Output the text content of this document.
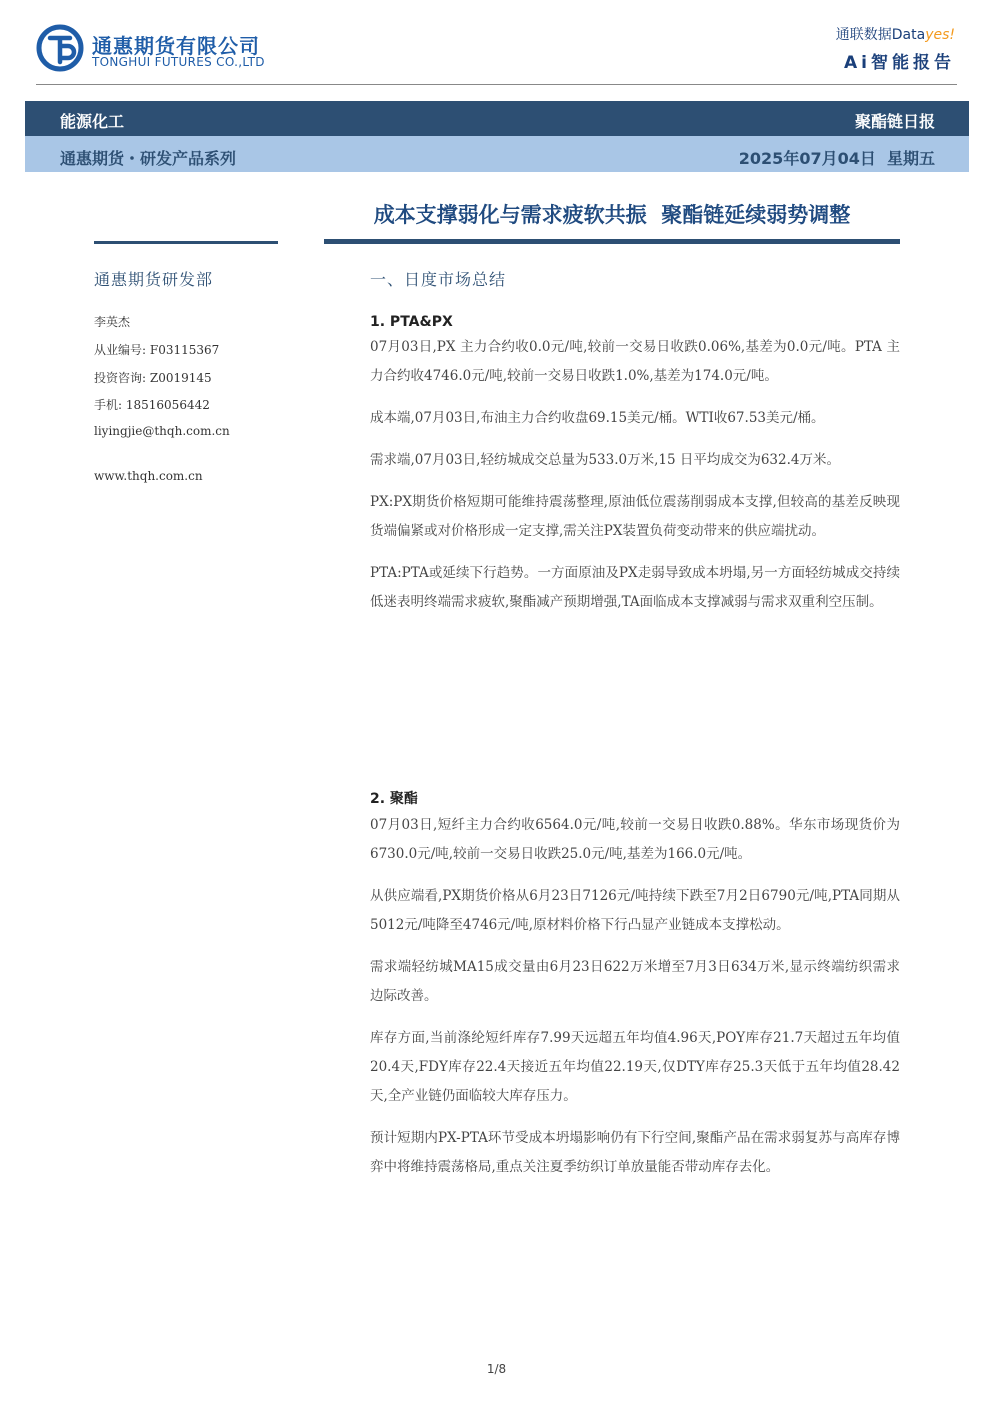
通惠期货有限公司
TONGHUI FUTURES CO.,LTD
通联数据Datayes!
Ai智能报告
能源化工	聚酯链日报
通惠期货・研发产品系列	2025年07月04日  星期五
成本支撑弱化与需求疲软共振  聚酯链延续弱势调整
通惠期货研发部
李英杰
从业编号: F03115367
投资咨询: Z0019145
手机: 18516056442
liyingjie@thqh.com.cn
www.thqh.com.cn
一、日度市场总结
1. PTA&PX

07月03日,PX 主力合约收0.0元/吨,较前一交易日收跌0.06%,基差为0.0元/吨。PTA 主力合约收4746.0元/吨,较前一交易日收跌1.0%,基差为174.0元/吨。

成本端,07月03日,布油主力合约收盘69.15美元/桶。WTI收67.53美元/桶。

需求端,07月03日,轻纺城成交总量为533.0万米,15 日平均成交为632.4万米。

PX:PX期货价格短期可能维持震荡整理,原油低位震荡削弱成本支撑,但较高的基差反映现货端偏紧或对价格形成一定支撑,需关注PX装置负荷变动带来的供应端扰动。

PTA:PTA或延续下行趋势。一方面原油及PX走弱导致成本坍塌,另一方面轻纺城成交持续低迷表明终端需求疲软,聚酯减产预期增强,TA面临成本支撑减弱与需求双重利空压制。

2. 聚酯

07月03日,短纤主力合约收6564.0元/吨,较前一交易日收跌0.88%。华东市场现货价为6730.0元/吨,较前一交易日收跌25.0元/吨,基差为166.0元/吨。

从供应端看,PX期货价格从6月23日7126元/吨持续下跌至7月2日6790元/吨,PTA同期从5012元/吨降至4746元/吨,原材料价格下行凸显产业链成本支撑松动。

需求端轻纺城MA15成交量由6月23日622万米增至7月3日634万米,显示终端纺织需求边际改善。

库存方面,当前涤纶短纤库存7.99天远超五年均值4.96天,POY库存21.7天超过五年均值20.4天,FDY库存22.4天接近五年均值22.19天,仅DTY库存25.3天低于五年均值28.42天,全产业链仍面临较大库存压力。

预计短期内PX-PTA环节受成本坍塌影响仍有下行空间,聚酯产品在需求弱复苏与高库存博弈中将维持震荡格局,重点关注夏季纺织订单放量能否带动库存去化。

1/8
